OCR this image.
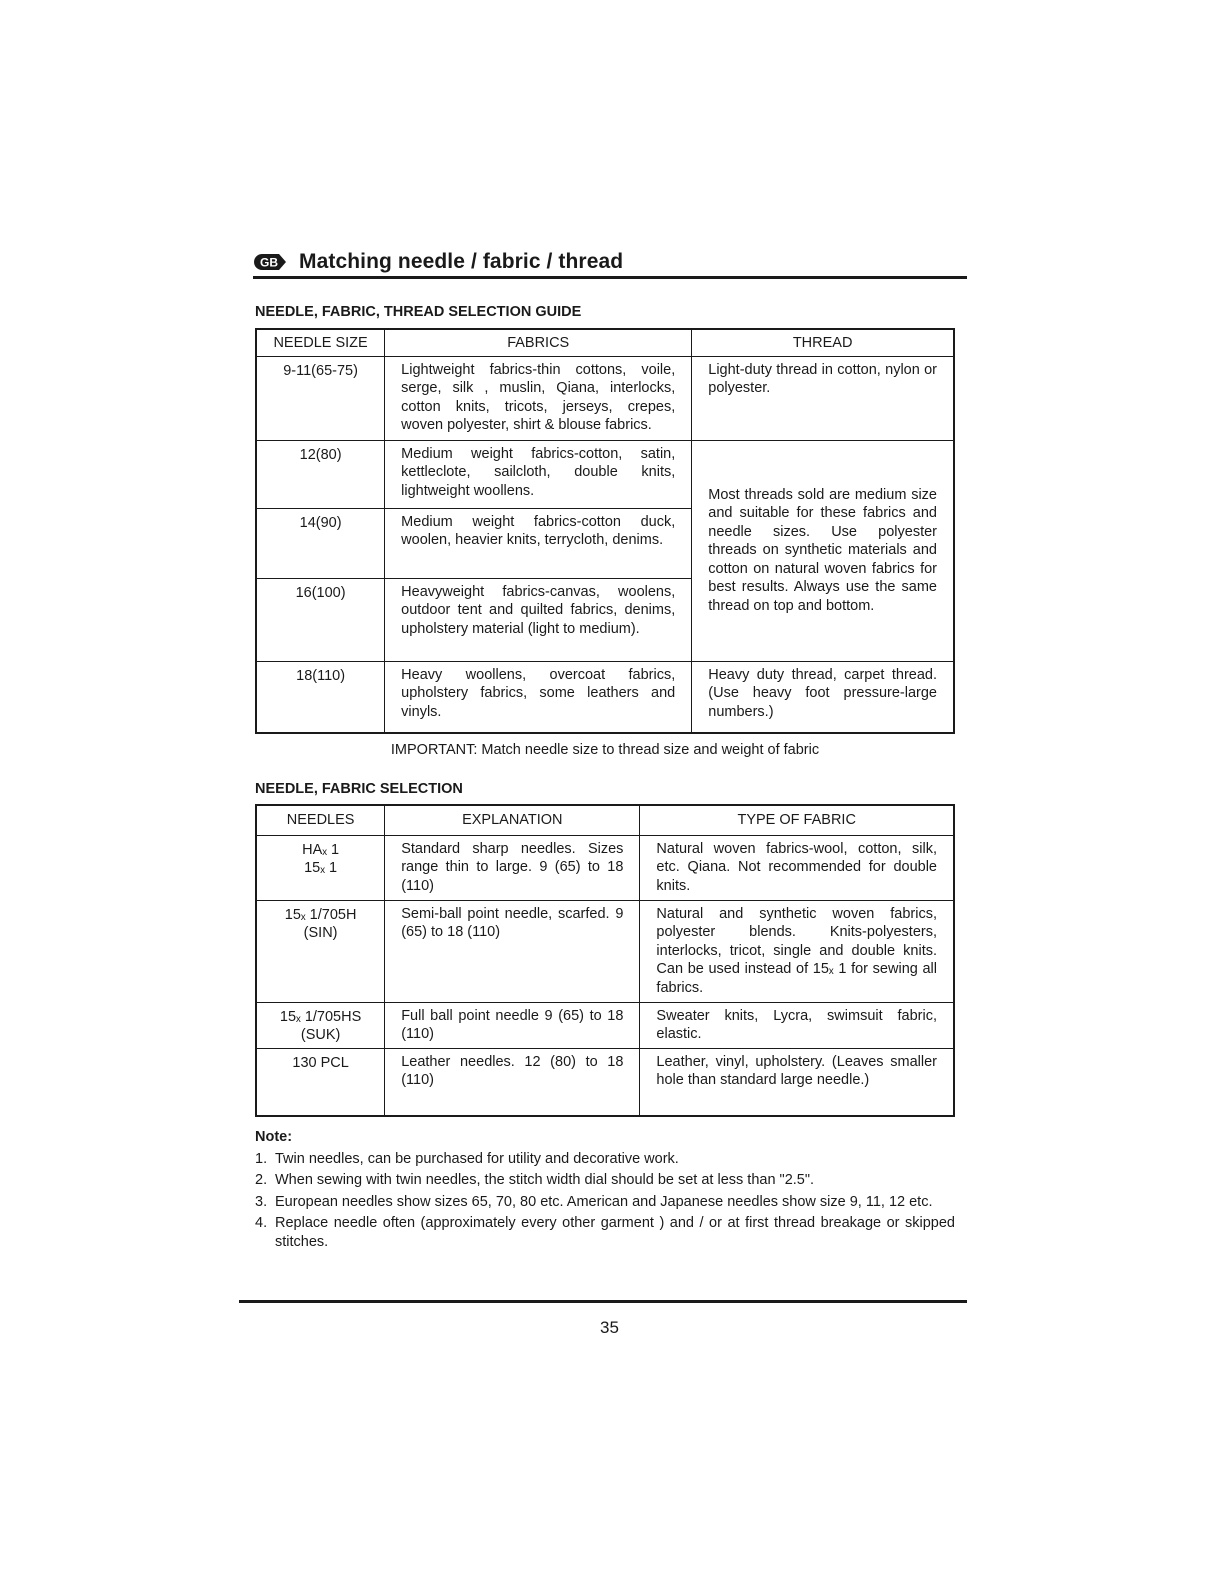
GB Matching needle / fabric / thread
NEEDLE, FABRIC, THREAD SELECTION GUIDE
NEEDLE SIZE	FABRICS	THREAD
9-11(65-75)	Lightweight fabrics-thin cottons, voile, serge, silk , muslin, Qiana, interlocks, cotton knits, tricots, jerseys, crepes, woven polyester, shirt & blouse fabrics.	Light-duty thread in cotton, nylon or polyester.
12(80)	Medium weight fabrics-cotton, satin, kettleclote, sailcloth, double knits, lightweight woollens.	Most threads sold are medium size and suitable for these fabrics and needle sizes. Use polyester threads on synthetic materials and cotton on natural woven fabrics for best results. Always use the same thread on top and bottom.
14(90)	Medium weight fabrics-cotton duck, woolen, heavier knits, terrycloth, denims.	
16(100)	Heavyweight fabrics-canvas, woolens, outdoor tent and quilted fabrics, denims, upholstery material (light to medium).	
18(110)	Heavy woollens, overcoat fabrics, upholstery fabrics, some leathers and vinyls.	Heavy duty thread, carpet thread. (Use heavy foot pressure-large numbers.)
IMPORTANT: Match needle size to thread size and weight of fabric
NEEDLE, FABRIC SELECTION
NEEDLES	EXPLANATION	TYPE OF FABRIC

HAₓ 1
15ₓ 1	Standard sharp needles. Sizes range thin to large. 9 (65) to 18 (110)	Natural woven fabrics-wool, cotton, silk, etc. Qiana. Not recommended for double knits.

15ₓ 1/705H
(SIN)	Semi-ball point needle, scarfed. 9 (65) to 18 (110)	Natural and synthetic woven fabrics, polyester blends. Knits-polyesters, interlocks, tricot, single and double knits. Can be used instead of 15ₓ 1 for sewing all fabrics.

15ₓ 1/705HS
(SUK)	Full ball point needle 9 (65) to 18 (110)	Sweater knits, Lycra, swimsuit fabric, elastic.

130 PCL	Leather needles. 12 (80) to 18 (110)	Leather, vinyl, upholstery. (Leaves smaller hole than standard large needle.)
Note:
1. Twin needles, can be purchased for utility and decorative work.
2. When sewing with twin needles, the stitch width dial should be set at less than "2.5".
3. European needles show sizes 65, 70, 80 etc. American and Japanese needles show size 9, 11, 12 etc.
4. Replace needle often (approximately every other garment ) and / or at first thread breakage or skipped stitches.
35
